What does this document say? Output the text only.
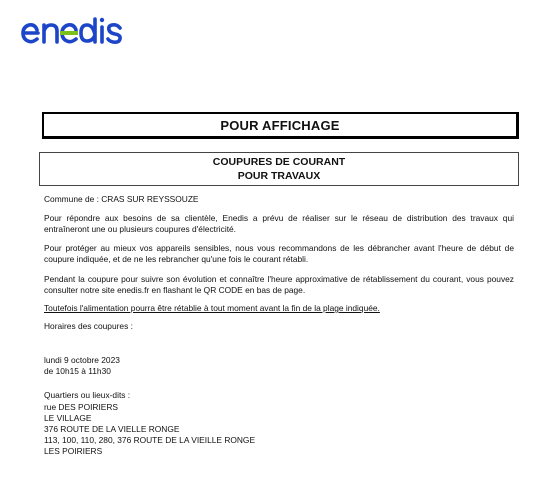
POUR AFFICHAGE
COUPURES DE COURANT
POUR TRAVAUX
Commune de : CRAS SUR REYSSOUZE
Pour répondre aux besoins de sa clientèle, Enedis a prévu de réaliser sur le réseau de distribution des travaux qui entraîneront une ou plusieurs coupures d'électricité.
Pour protéger au mieux vos appareils sensibles, nous vous recommandons de les débrancher avant l'heure de début de coupure indiquée, et de ne les rebrancher qu'une fois le courant rétabli.
Pendant la coupure pour suivre son évolution et connaître l'heure approximative de rétablissement du courant, vous pouvez consulter notre site enedis.fr en flashant le QR CODE en bas de page.
Toutefois l'alimentation pourra être rétablie à tout moment avant la fin de la plage indiquée.
Horaires des coupures :
lundi 9 octobre 2023
de 10h15 à 11h30
Quartiers ou lieux-dits :
rue DES POIRIERS
LE VILLAGE
376 ROUTE DE LA VIELLE RONGE
113, 100, 110, 280, 376 ROUTE DE LA VIEILLE RONGE
LES POIRIERS
